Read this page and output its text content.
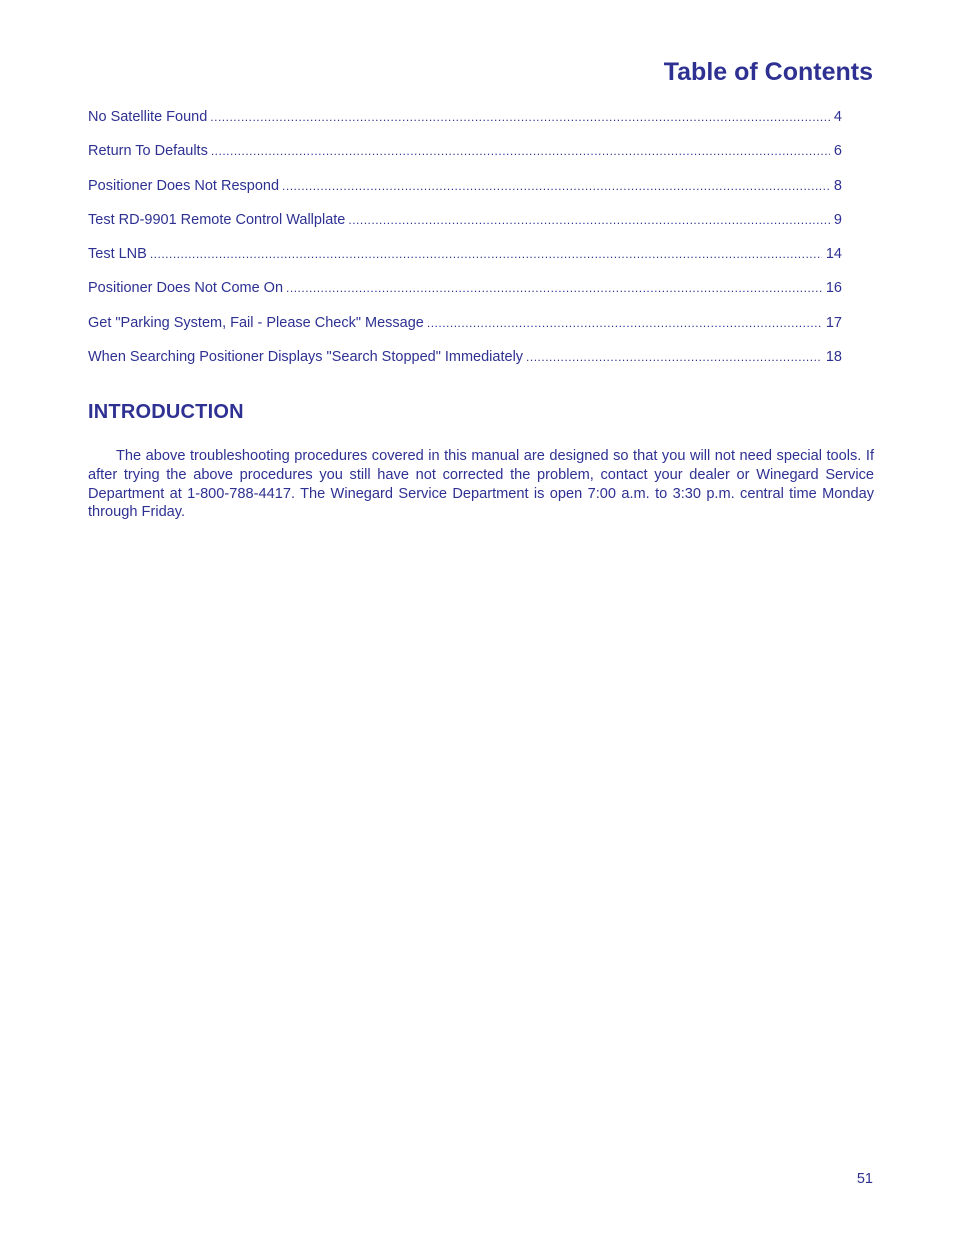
Table of Contents
No Satellite Found .....	4
Return To Defaults .....	6
Positioner Does Not Respond .....	8
Test RD-9901 Remote Control Wallplate .....	9
Test LNB .....	14
Positioner Does Not Come On .....	16
Get "Parking System, Fail - Please Check" Message .....	17
When Searching Positioner Displays "Search Stopped" Immediately .....	18
INTRODUCTION

The above troubleshooting procedures covered in this manual are designed so that you will not need special tools. If after trying the above procedures you still have not corrected the problem, contact your dealer or Winegard Service Department at 1-800-788-4417. The Winegard Service Department is open 7:00 a.m. to 3:30 p.m. central time Monday through Friday.

51
